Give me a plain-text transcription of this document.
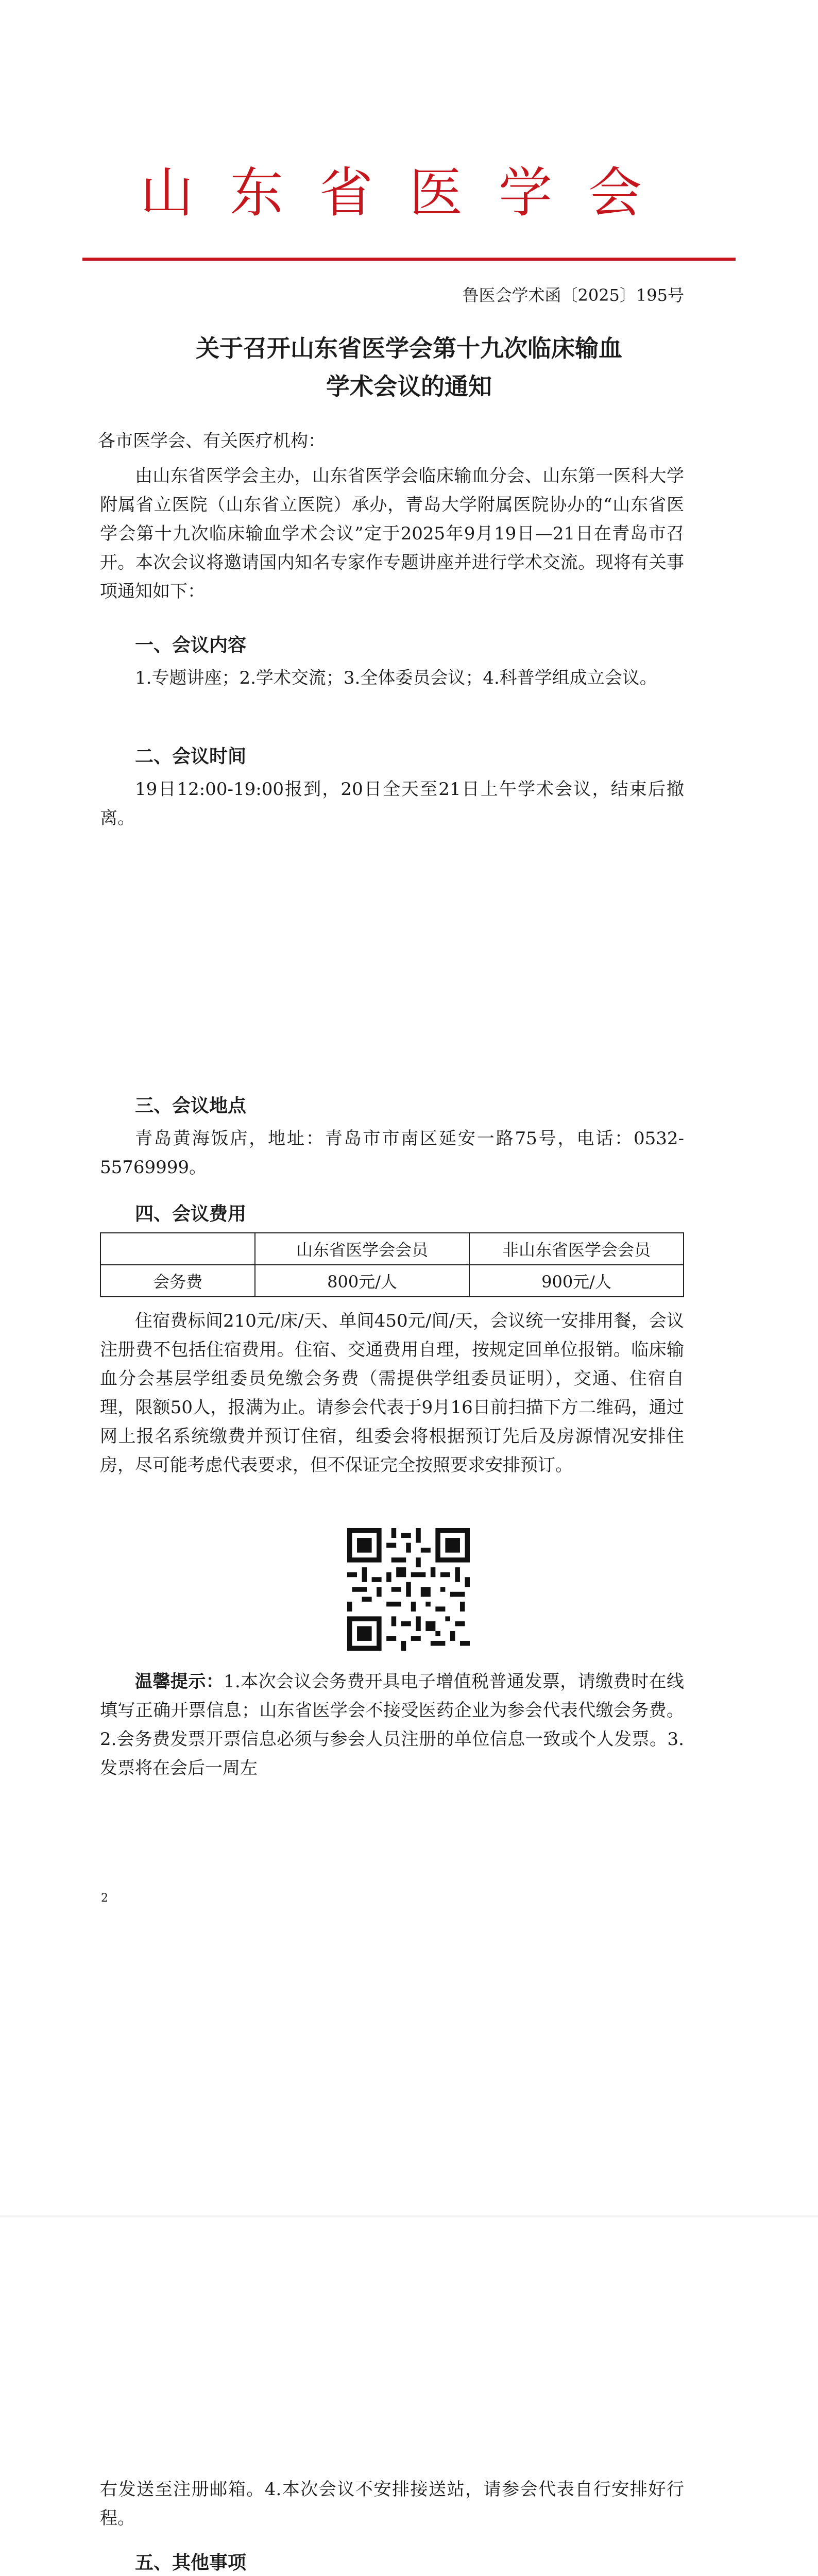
山东省医学会
鲁医会学术函〔2025〕195号
关于召开山东省医学会第十九次临床输血
学术会议的通知
各市医学会、有关医疗机构：
由山东省医学会主办，山东省医学会临床输血分会、山东第一医科大学附属省立医院（山东省立医院）承办，青岛大学附属医院协办的“山东省医学会第十九次临床输血学术会议”定于2025年9月19日—21日在青岛市召开。本次会议将邀请国内知名专家作专题讲座并进行学术交流。现将有关事项通知如下：
一、会议内容
1.专题讲座；2.学术交流；3.全体委员会议；4.科普学组成立会议。
二、会议时间
19日12:00-19:00报到，20日全天至21日上午学术会议，结束后撤离。
三、会议地点
青岛黄海饭店，地址：青岛市市南区延安一路75号，电话：0532-55769999。
四、会议费用
	山东省医学会会员	非山东省医学会会员
会务费	800元/人	900元/人
住宿费标间210元/床/天、单间450元/间/天，会议统一安排用餐，会议注册费不包括住宿费用。住宿、交通费用自理，按规定回单位报销。临床输血分会基层学组委员免缴会务费（需提供学组委员证明），交通、住宿自理，限额50人，报满为止。请参会代表于9月16日前扫描下方二维码，通过网上报名系统缴费并预订住宿，组委会将根据预订先后及房源情况安排住房，尽可能考虑代表要求，但不保证完全按照要求安排预订。
温馨提示：1.本次会议会务费开具电子增值税普通发票，请缴费时在线填写正确开票信息；山东省医学会不接受医药企业为参会代表代缴会务费。2.会务费发票开票信息必须与参会人员注册的单位信息一致或个人发票。3.发票将在会后一周左
2
右发送至注册邮箱。4.本次会议不安排接送站，请参会代表自行安排好行程。
五、其他事项
